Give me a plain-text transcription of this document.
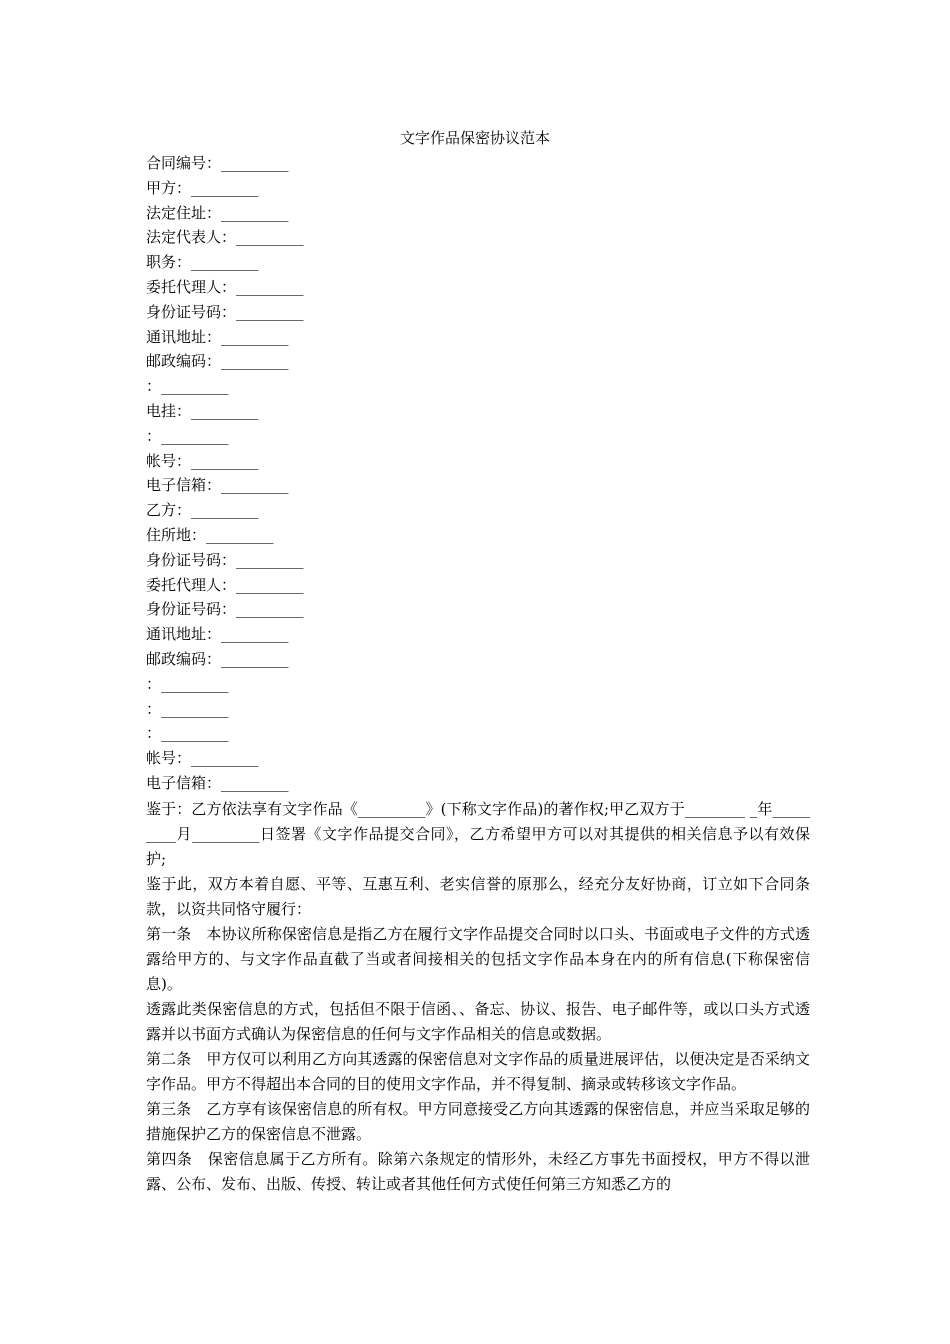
文字作品保密协议范本
合同编号：_________
甲方：_________
法定住址：_________
法定代表人：_________
职务：_________
委托代理人：_________
身份证号码：_________
通讯地址：_________
邮政编码：_________
：_________
电挂：_________
：_________
帐号：_________
电子信箱：_________
乙方：_________
住所地：_________
身份证号码：_________
委托代理人：_________
身份证号码：_________
通讯地址：_________
邮政编码：_________
：_________
：_________
：_________
帐号：_________
电子信箱：_________

鉴于：乙方依法享有文字作品《_________》(下称文字作品)的著作权;甲乙双方于________ _年_________月_________日签署《文字作品提交合同》，乙方希望甲方可以对其提供的相关信息予以有效保护;

鉴于此，双方本着自愿、平等、互惠互利、老实信誉的原那么，经充分友好协商，订立如下合同条款，以资共同恪守履行：

第一条　本协议所称保密信息是指乙方在履行文字作品提交合同时以口头、书面或电子文件的方式透露给甲方的、与文字作品直截了当或者间接相关的包括文字作品本身在内的所有信息(下称保密信息)。

透露此类保密信息的方式，包括但不限于信函、、备忘、协议、报告、电子邮件等，或以口头方式透露并以书面方式确认为保密信息的任何与文字作品相关的信息或数据。

第二条　甲方仅可以利用乙方向其透露的保密信息对文字作品的质量进展评估，以便决定是否采纳文字作品。甲方不得超出本合同的目的使用文字作品，并不得复制、摘录或转移该文字作品。

第三条　乙方享有该保密信息的所有权。甲方同意接受乙方向其透露的保密信息，并应当采取足够的措施保护乙方的保密信息不泄露。

第四条　保密信息属于乙方所有。除第六条规定的情形外，未经乙方事先书面授权，甲方不得以泄露、公布、发布、出版、传授、转让或者其他任何方式使任何第三方知悉乙方的
